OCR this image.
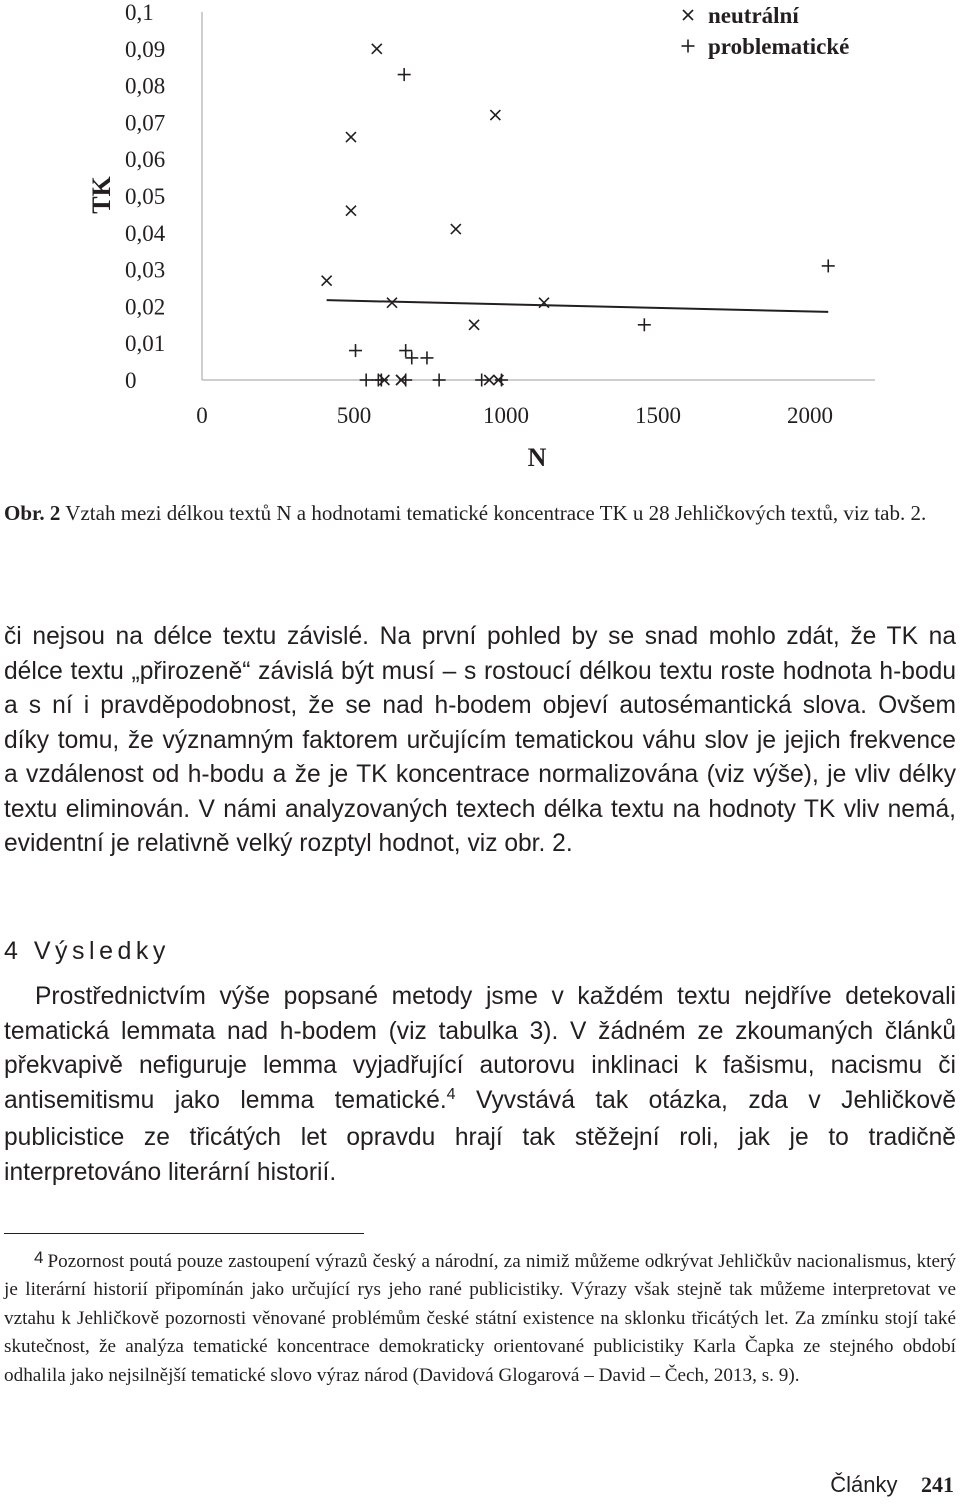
TK
N
0
0,01
0,02
0,03
0,04
0,05
0,06
0,07
0,08
0,09
0,1
0	500	1000	1500	2000
neutrální
problematické
Obr. 2 Vztah mezi délkou textů N a hodnotami tematické koncentrace TK u 28 Jehličkových textů, viz tab. 2.
či nejsou na délce textu závislé. Na první pohled by se snad mohlo zdát, že TK na délce textu „přirozeně“ závislá být musí – s rostoucí délkou textu roste hodnota h-bodu a s ní i pravděpodobnost, že se nad h-bodem objeví autosémantická slova. Ovšem díky tomu, že významným faktorem určujícím tematickou váhu slov je jejich frekvence a vzdálenost od h-bodu a že je TK koncentrace normalizována (viz výše), je vliv délky textu eliminován. V námi analyzovaných textech délka textu na hodnoty TK vliv nemá, evidentní je relativně velký rozptyl hodnot, viz obr. 2.
4 Výsledky
Prostřednictvím výše popsané metody jsme v každém textu nejdříve detekovali tematická lemmata nad h-bodem (viz tabulka 3). V žádném ze zkoumaných článků překvapivě nefiguruje lemma vyjadřující autorovu inklinaci k fašismu, nacismu či antisemitismu jako lemma tematické.$^4$ Vyvstává tak otázka, zda v Jehličkově publicistice ze třicátých let opravdu hrají tak stěžejní roli, jak je to tradičně interpretováno literární historií.
4 Pozornost poutá pouze zastoupení výrazů český a národní, za nimiž můžeme odkrývat Jehličkův nacionalismus, který je literární historií připomínán jako určující rys jeho rané publicistiky. Výrazy však stejně tak můžeme interpretovat ve vztahu k Jehličkově pozornosti věnované problémům české státní existence na sklonku třicátých let. Za zmínku stojí také skutečnost, že analýza tematické koncentrace demokraticky orientované publicistiky Karla Čapka ze stejného období odhalila jako nejsilnější tematické slovo výraz národ (Davidová Glogarová – David – Čech, 2013, s. 9).
Články 241
